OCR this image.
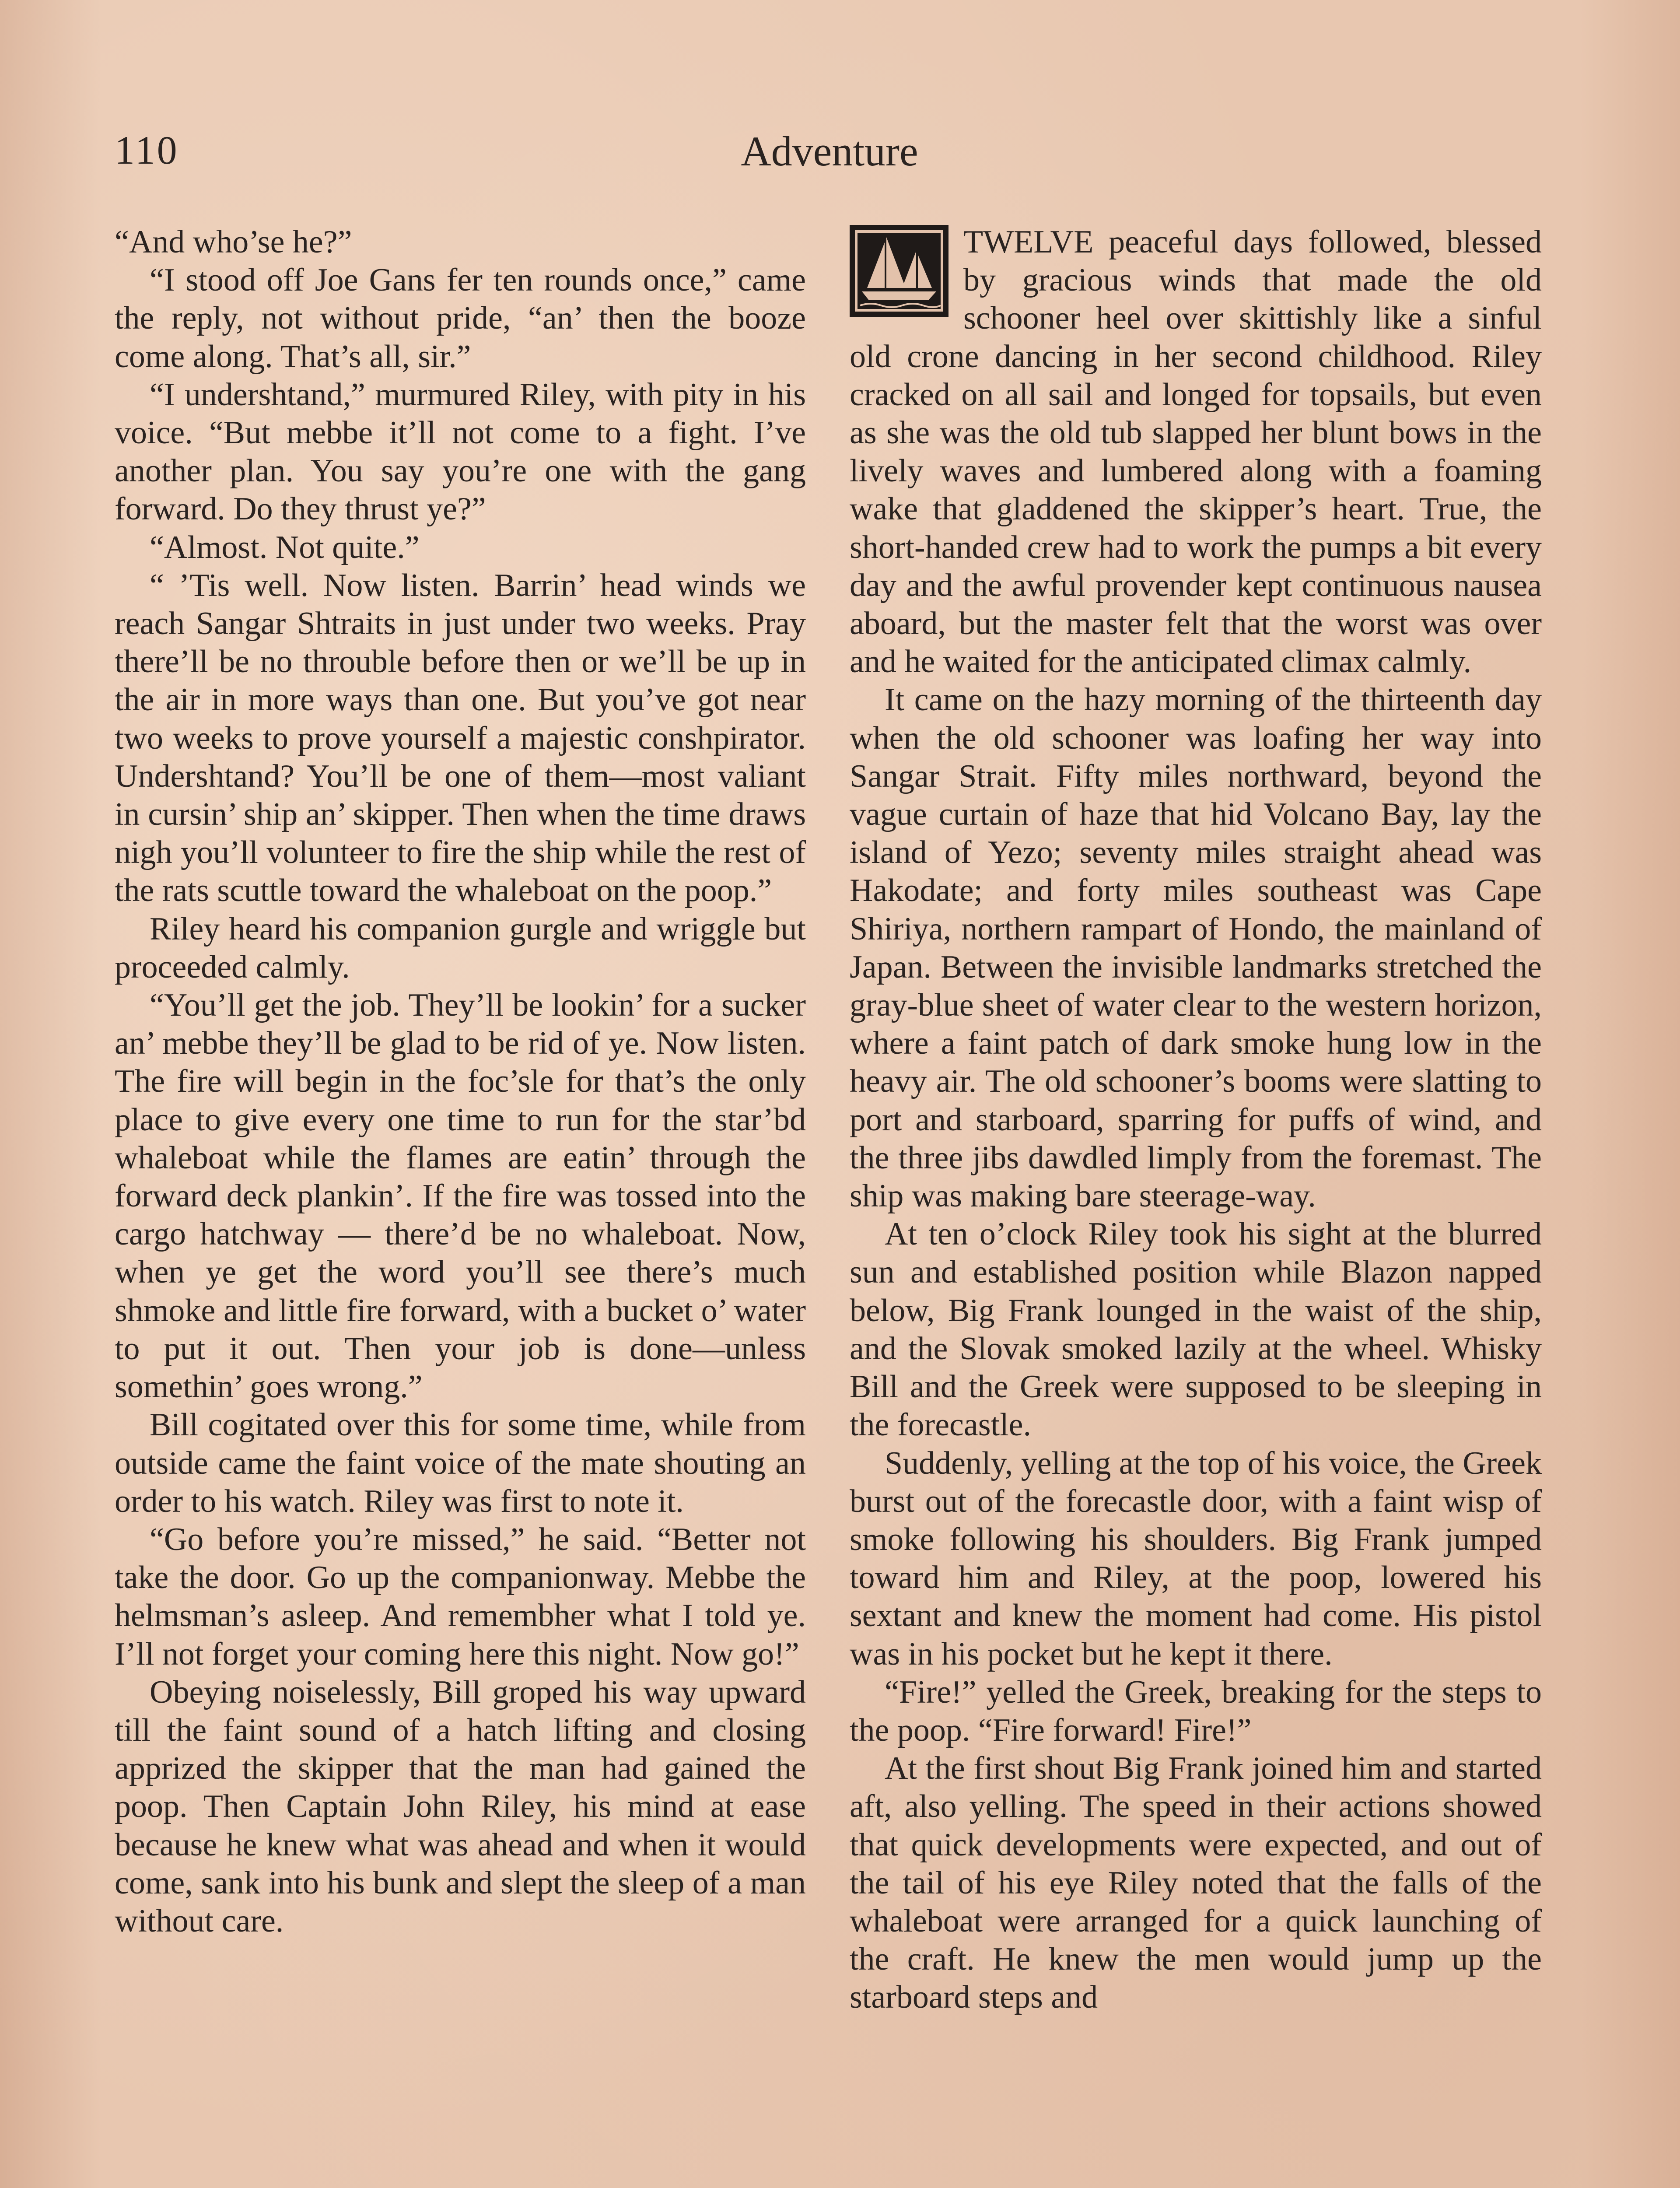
110	Adventure

“And who’se he?”

“I stood off Joe Gans fer ten rounds once,” came the reply, not without pride, “an’ then the booze come along. That’s all, sir.”

“I undershtand,” murmured Riley, with pity in his voice. “But mebbe it’ll not come to a fight. I’ve another plan. You say you’re one with the gang forward. Do they thrust ye?”

“Almost. Not quite.”

“ ’Tis well. Now listen. Barrin’ head winds we reach Sangar Shtraits in just under two weeks. Pray there’ll be no throuble before then or we’ll be up in the air in more ways than one. But you’ve got near two weeks to prove yourself a majestic conshpirator. Undershtand? You’ll be one of them—most valiant in cursin’ ship an’ skipper. Then when the time draws nigh you’ll volunteer to fire the ship while the rest of the rats scuttle toward the whaleboat on the poop.”

Riley heard his companion gurgle and wriggle but proceeded calmly.

“You’ll get the job. They’ll be lookin’ for a sucker an’ mebbe they’ll be glad to be rid of ye. Now listen. The fire will begin in the foc’sle for that’s the only place to give every one time to run for the star’bd whaleboat while the flames are eatin’ through the forward deck plankin’. If the fire was tossed into the cargo hatchway — there’d be no whaleboat. Now, when ye get the word you’ll see there’s much shmoke and little fire forward, with a bucket o’ water to put it out. Then your job is done—unless somethin’ goes wrong.”

Bill cogitated over this for some time, while from outside came the faint voice of the mate shouting an order to his watch. Riley was first to note it.

“Go before you’re missed,” he said. “Better not take the door. Go up the companionway. Mebbe the helmsman’s asleep. And remembher what I told ye. I’ll not forget your coming here this night. Now go!”

Obeying noiselessly, Bill groped his way upward till the faint sound of a hatch lifting and closing apprized the skipper that the man had gained the poop. Then Captain John Riley, his mind at ease because he knew what was ahead and when it would come, sank into his bunk and slept the sleep of a man without care.

TWELVE peaceful days followed, blessed by gracious winds that made the old schooner heel over skittishly like a sinful old crone dancing in her second childhood. Riley cracked on all sail and longed for topsails, but even as she was the old tub slapped her blunt bows in the lively waves and lumbered along with a foaming wake that gladdened the skipper’s heart. True, the short-handed crew had to work the pumps a bit every day and the awful provender kept continuous nausea aboard, but the master felt that the worst was over and he waited for the anticipated climax calmly.

It came on the hazy morning of the thirteenth day when the old schooner was loafing her way into Sangar Strait. Fifty miles northward, beyond the vague curtain of haze that hid Volcano Bay, lay the island of Yezo; seventy miles straight ahead was Hakodate; and forty miles southeast was Cape Shiriya, northern rampart of Hondo, the mainland of Japan. Between the invisible landmarks stretched the gray-blue sheet of water clear to the western horizon, where a faint patch of dark smoke hung low in the heavy air. The old schooner’s booms were slatting to port and starboard, sparring for puffs of wind, and the three jibs dawdled limply from the foremast. The ship was making bare steerage-way.

At ten o’clock Riley took his sight at the blurred sun and established position while Blazon napped below, Big Frank lounged in the waist of the ship, and the Slovak smoked lazily at the wheel. Whisky Bill and the Greek were supposed to be sleeping in the forecastle.

Suddenly, yelling at the top of his voice, the Greek burst out of the forecastle door, with a faint wisp of smoke following his shoulders. Big Frank jumped toward him and Riley, at the poop, lowered his sextant and knew the moment had come. His pistol was in his pocket but he kept it there.

“Fire!” yelled the Greek, breaking for the steps to the poop. “Fire forward! Fire!”

At the first shout Big Frank joined him and started aft, also yelling. The speed in their actions showed that quick developments were expected, and out of the tail of his eye Riley noted that the falls of the whaleboat were arranged for a quick launching of the craft. He knew the men would jump up the starboard steps and
